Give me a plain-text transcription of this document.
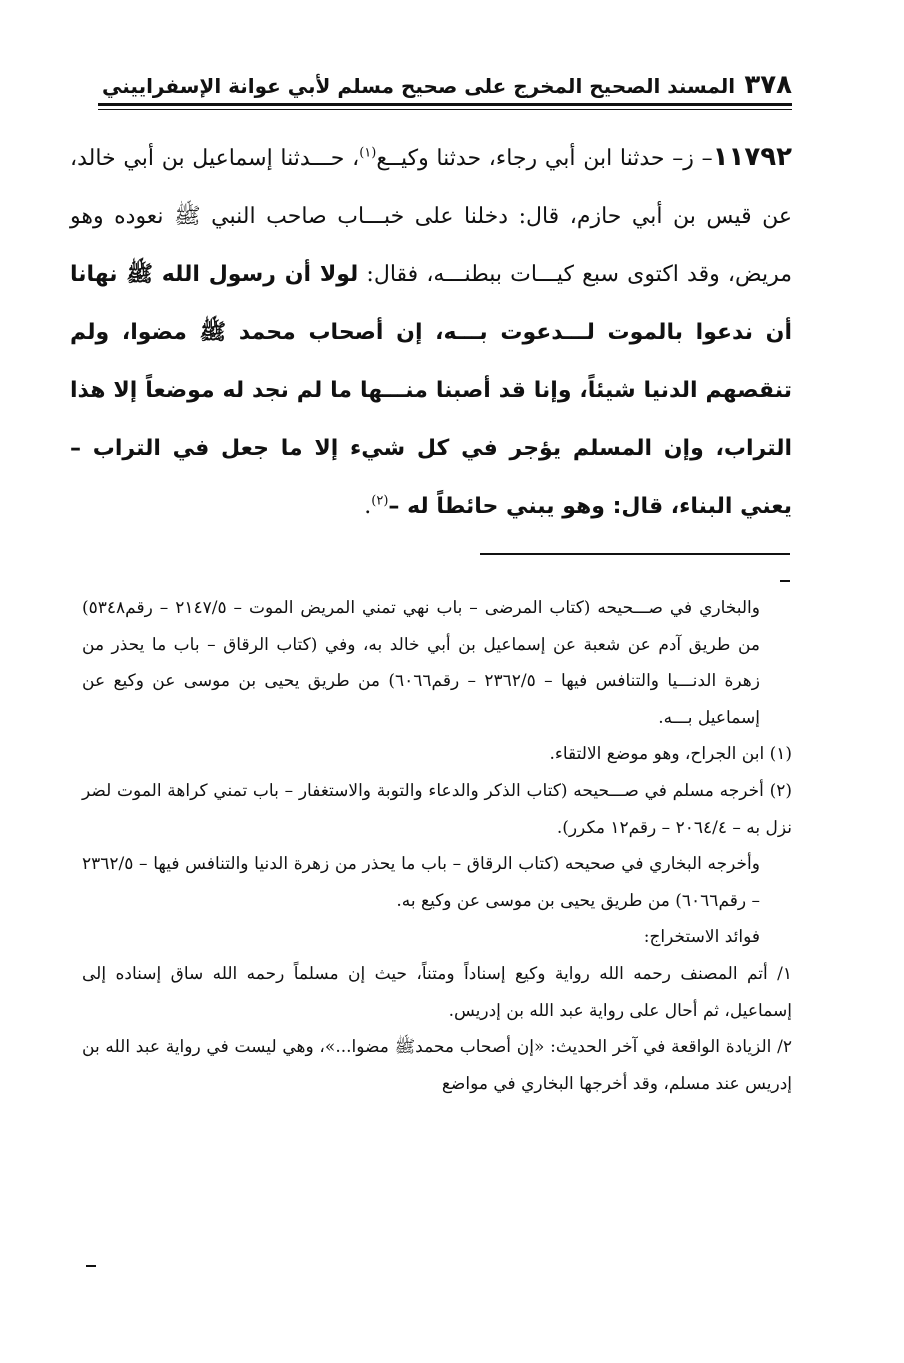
٣٧٨
المسند الصحيح المخرج على صحيح مسلم لأبي عوانة الإسفراييني
١١٧٩٢– ز– حدثنا ابن أبي رجاء، حدثنا وكيــع$^{(١)}$، حـــدثنا إسماعيل بن أبي خالد، عن قيس بن أبي حازم، قال: دخلنا على خبـــاب صاحب النبي ﷺ نعوده وهو مريض، وقد اكتوى سبع كيـــات ببطنـــه، فقال: لولا أن رسول الله ﷺ نهانا أن ندعوا بالموت لـــدعوت بـــه، إن أصحاب محمد ﷺ مضوا، ولم تنقصهم الدنيا شيئاً، وإنا قد أصبنا منـــها ما لم نجد له موضعاً إلا هذا التراب، وإن المسلم يؤجر في كل شيء إلا ما جعل في التراب – يعني البناء، قال: وهو يبني حائطاً له –$^{(٢)}$.

والبخاري في صـــحيحه (كتاب المرضى – باب نهي تمني المريض الموت – ٢١٤٧/٥ – رقم٥٣٤٨) من طريق آدم عن شعبة عن إسماعيل بن أبي خالد به، وفي (كتاب الرقاق – باب ما يحذر من زهرة الدنـــيا والتنافس فيها – ٢٣٦٢/٥ – رقم٦٠٦٦) من طريق يحيى بن موسى عن وكيع عن إسماعيل بـــه.

(١) ابن الجراح، وهو موضع الالتقاء.

(٢) أخرجه مسلم في صـــحيحه (كتاب الذكر والدعاء والتوبة والاستغفار – باب تمني كراهة الموت لضر نزل به – ٢٠٦٤/٤ – رقم١٢ مكرر).

وأخرجه البخاري في صحيحه (كتاب الرقاق – باب ما يحذر من زهرة الدنيا والتنافس فيها – ٢٣٦٢/٥ – رقم٦٠٦٦) من طريق يحيى بن موسى عن وكيع به.

فوائد الاستخراج:

١/ أتم المصنف رحمه الله رواية وكيع إسناداً ومتناً، حيث إن مسلماً رحمه الله ساق إسناده إلى إسماعيل، ثم أحال على رواية عبد الله بن إدريس.

٢/ الزيادة الواقعة في آخر الحديث: «إن أصحاب محمدﷺ مضوا...»، وهي ليست في رواية عبد الله بن إدريس عند مسلم، وقد أخرجها البخاري في مواضع
